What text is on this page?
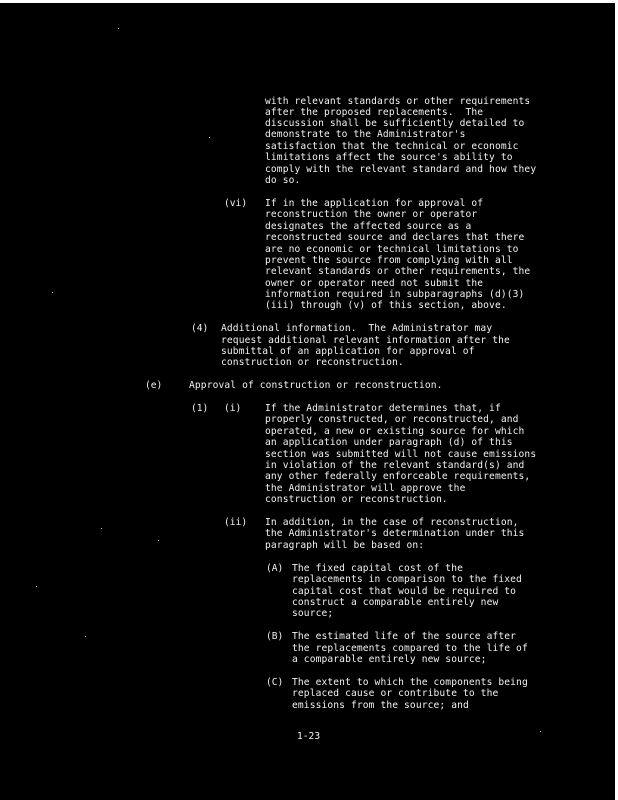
with relevant standards or other requirements
after the proposed replacements.  The
discussion shall be sufficiently detailed to
demonstrate to the Administrator's
satisfaction that the technical or economic
limitations affect the source's ability to
comply with the relevant standard and how they
do so.
(vi) If in the application for approval of
reconstruction the owner or operator
designates the affected source as a
reconstructed source and declares that there
are no economic or technical limitations to
prevent the source from complying with all
relevant standards or other requirements, the
owner or operator need not submit the
information required in subparagraphs (d)(3)
(iii) through (v) of this section, above.
(4) Additional information.  The Administrator may
request additional relevant information after the
submittal of an application for approval of
construction or reconstruction.
(e)	Approval of construction or reconstruction.
(1) (i) If the Administrator determines that, if
properly constructed, or reconstructed, and
operated, a new or existing source for which
an application under paragraph (d) of this
section was submitted will not cause emissions
in violation of the relevant standard(s) and
any other federally enforceable requirements,
the Administrator will approve the
construction or reconstruction.
(ii) In addition, in the case of reconstruction,
the Administrator's determination under this
paragraph will be based on:
(A) The fixed capital cost of the
replacements in comparison to the fixed
capital cost that would be required to
construct a comparable entirely new
source;
(B) The estimated life of the source after
the replacements compared to the life of
a comparable entirely new source;
(C) The extent to which the components being
replaced cause or contribute to the
emissions from the source; and
1-23
